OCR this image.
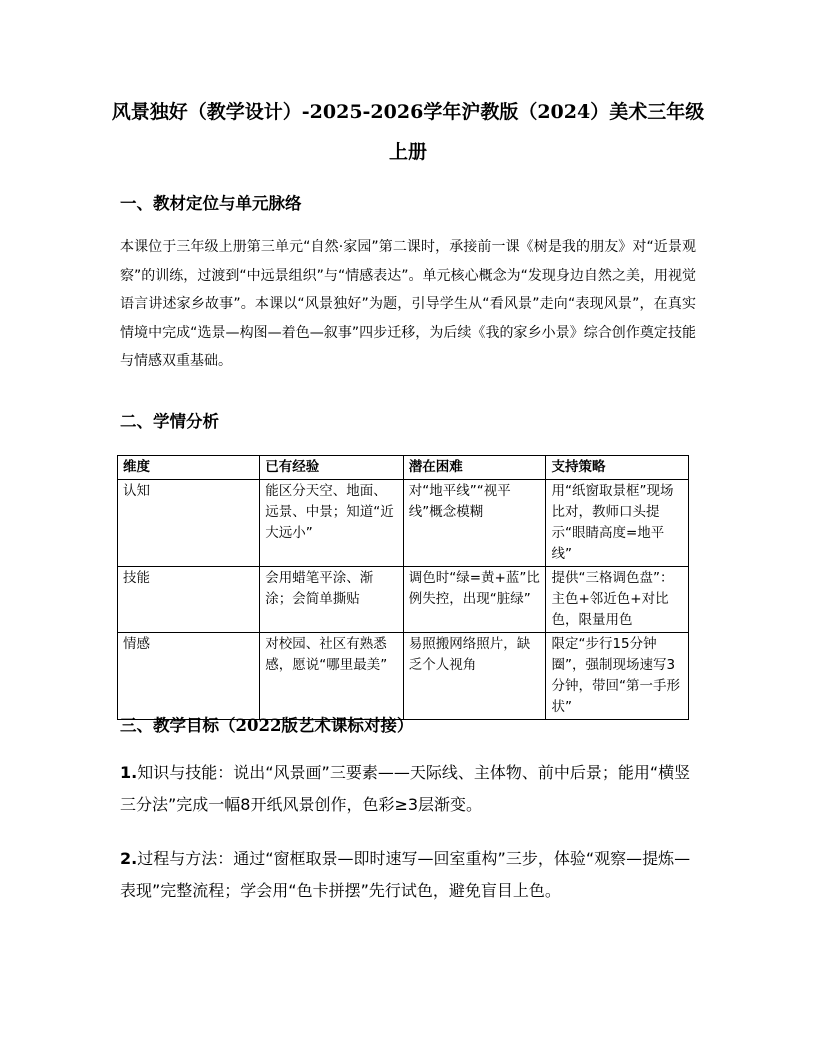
风景独好（教学设计）-2025-2026学年沪教版（2024）美术三年级上册
一、教材定位与单元脉络
本课位于三年级上册第三单元“自然·家园”第二课时，承接前一课《树是我的朋友》对“近景观察”的训练，过渡到“中远景组织”与“情感表达”。单元核心概念为“发现身边自然之美，用视觉语言讲述家乡故事”。本课以“风景独好”为题，引导学生从“看风景”走向“表现风景”，在真实情境中完成“选景—构图—着色—叙事”四步迁移，为后续《我的家乡小景》综合创作奠定技能与情感双重基础。
二、学情分析
维度	已有经验	潜在困难	支持策略
认知	能区分天空、地面、远景、中景；知道“近大远小”	对“地平线”“视平线”概念模糊	用“纸窗取景框”现场比对，教师口头提示“眼睛高度=地平线”
技能	会用蜡笔平涂、渐涂；会简单撕贴	调色时“绿=黄+蓝”比例失控，出现“脏绿”	提供“三格调色盘”：主色+邻近色+对比色，限量用色
情感	对校园、社区有熟悉感，愿说“哪里最美”	易照搬网络照片，缺乏个人视角	限定“步行15分钟圈”，强制现场速写3分钟，带回“第一手形状”
三、教学目标（2022版艺术课标对接）
1.知识与技能：说出“风景画”三要素——天际线、主体物、前中后景；能用“横竖三分法”完成一幅8开纸风景创作，色彩≥3层渐变。
2.过程与方法：通过“窗框取景—即时速写—回室重构”三步，体验“观察—提炼—表现”完整流程；学会用“色卡拼摆”先行试色，避免盲目上色。
